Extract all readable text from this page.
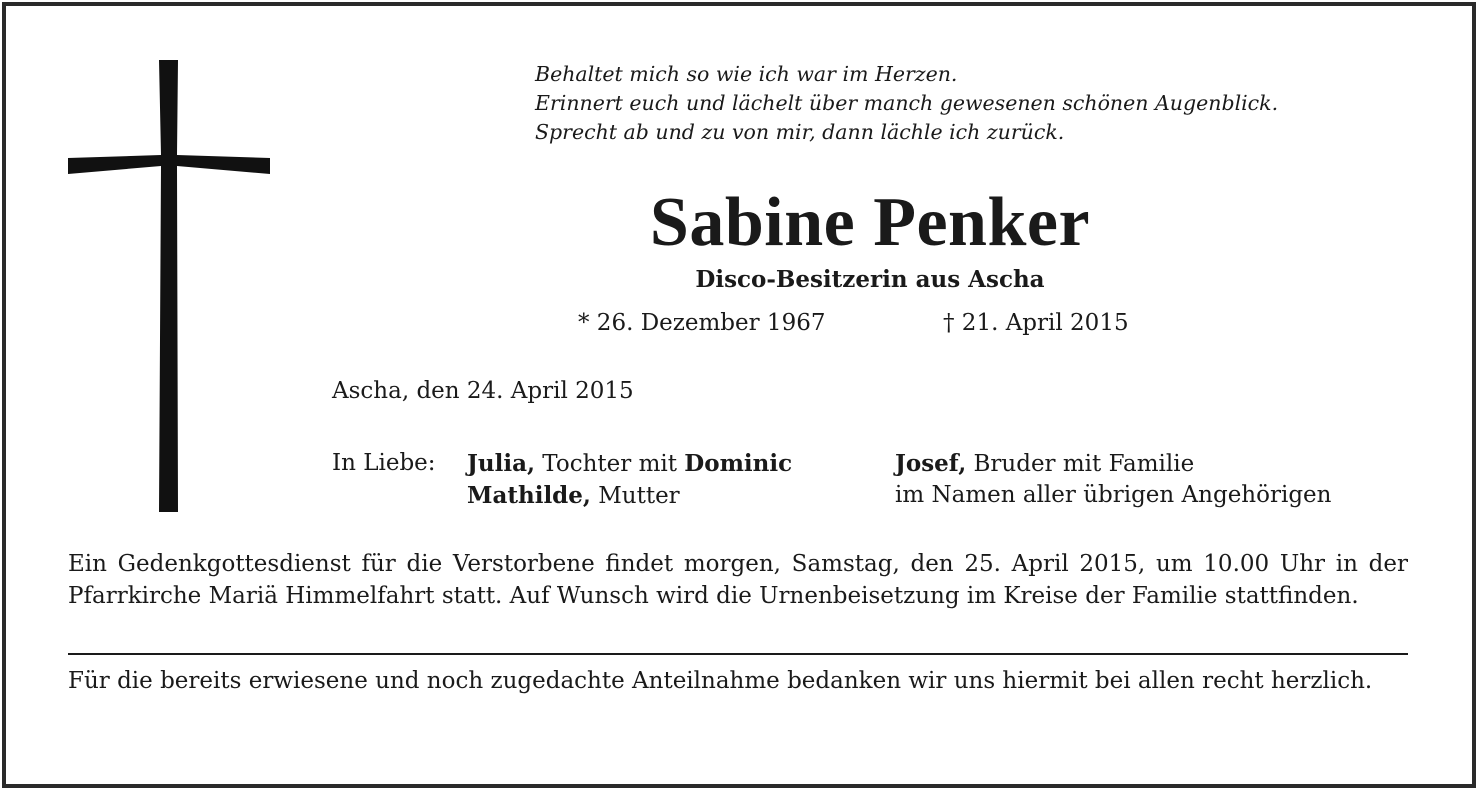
Behaltet mich so wie ich war im Herzen.
Erinnert euch und lächelt über manch gewesenen schönen Augenblick.
Sprecht ab und zu von mir, dann lächle ich zurück.
Sabine Penker
Disco-Besitzerin aus Ascha
* 26. Dezember 1967	† 21. April 2015
Ascha, den 24. April 2015
In Liebe: Julia, Tochter mit Dominic	Josef, Bruder mit Familie
Mathilde, Mutter	im Namen aller übrigen Angehörigen
Ein Gedenkgottesdienst für die Verstorbene findet morgen, Samstag, den 25. April 2015, um 10.00 Uhr in der Pfarrkirche Mariä Himmelfahrt statt. Auf Wunsch wird die Urnenbeisetzung im Kreise der Familie stattfinden.
Für die bereits erwiesene und noch zugedachte Anteilnahme bedanken wir uns hiermit bei allen recht herzlich.
